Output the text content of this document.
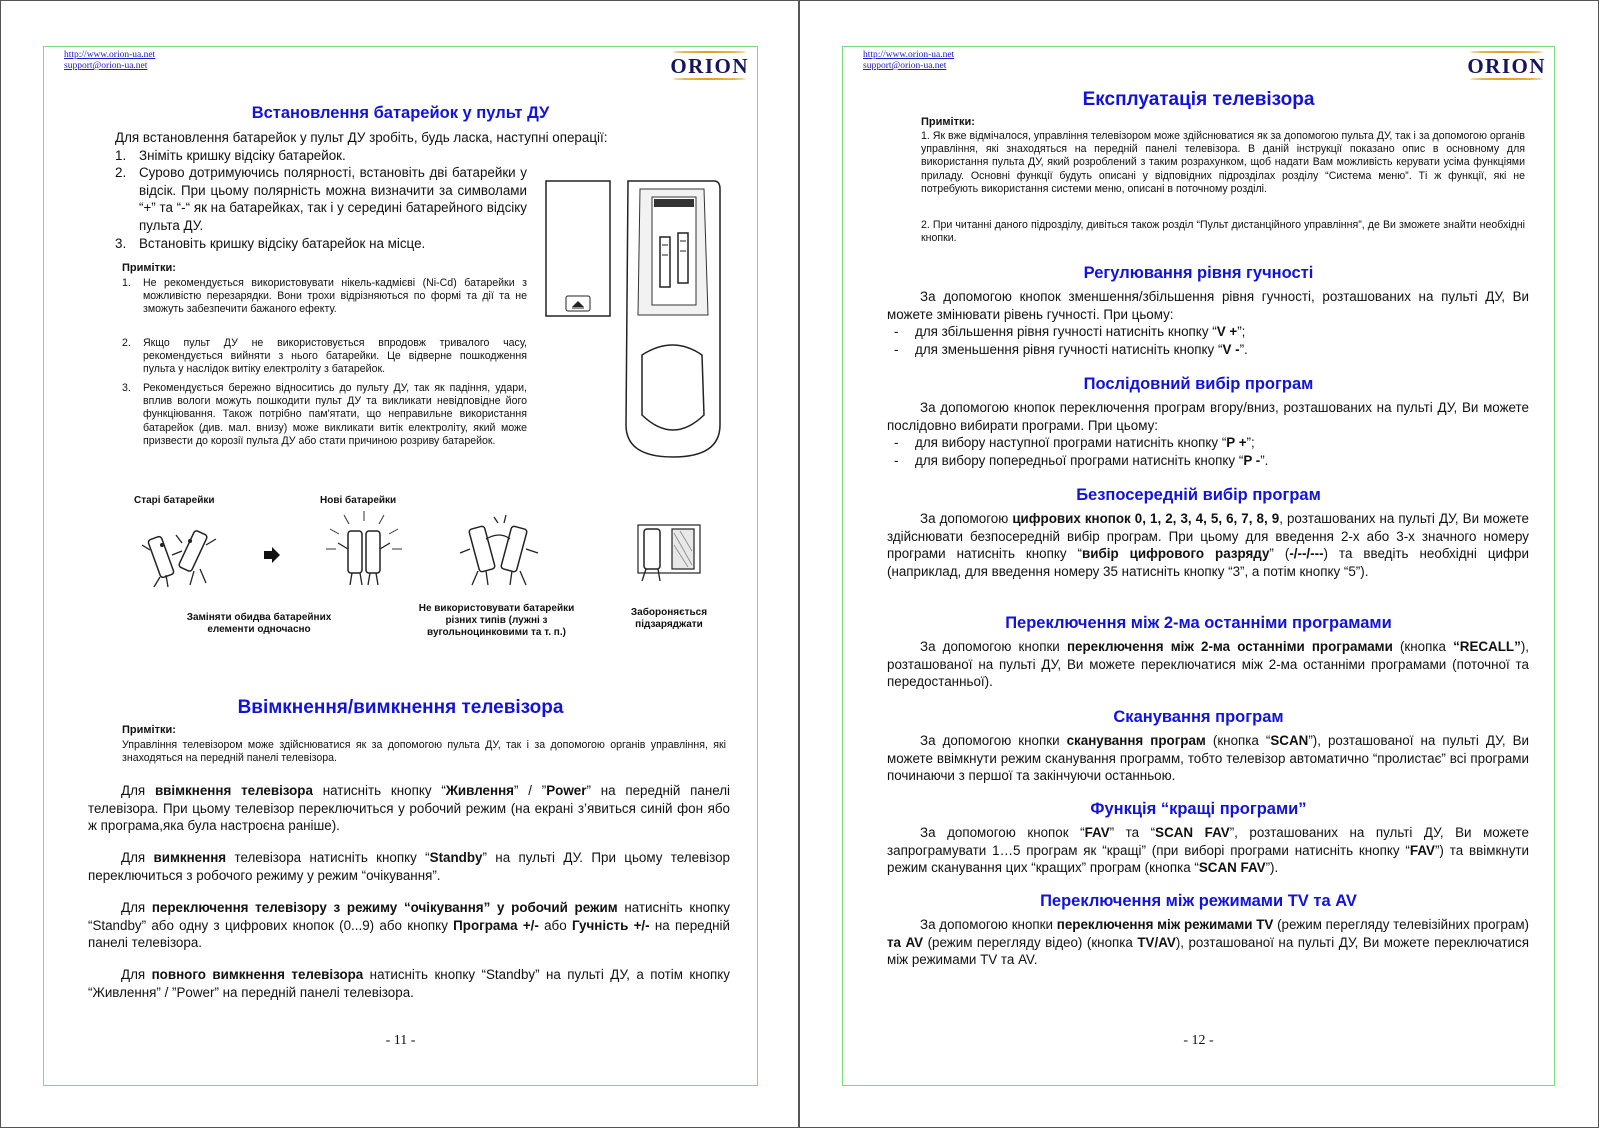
http://www.orion-ua.net
support@orion-ua.net	ORION
Встановлення батарейок у пульт ДУ
Для встановлення батарейок у пульт ДУ зробіть, будь ласка, наступні операції:
1. Зніміть кришку відсіку батарейок.
2. Сурово дотримуючись полярності, встановіть дві батарейки у відсік. При цьому полярність можна визначити за символами “+” та “-“ як на батарейках, так і у середині батарейного відсіку пульта ДУ.
3. Встановіть кришку відсіку батарейок на місце.
Примітки:
1. Не рекомендується використовувати нікель-кадмієві (Ni-Cd) батарейки з можливістю перезарядки. Вони трохи відрізняються по формі та дії та не зможуть забезпечити бажаного ефекту.
2. Якщо пульт ДУ не використовується впродовж тривалого часу, рекомендується вийняти з нього батарейки. Це відверне пошкодження пульта у наслідок витіку електроліту з батарейок.
3. Рекомендується бережно відноситись до пульту ДУ, так як падіння, удари, вплив вологи можуть пошкодити пульт ДУ та викликати невідповідне його функціювання. Також потрібно пам'ятати, що неправильне використання батарейок (див. мал. внизу) може викликати витік електроліту, який може призвести до корозії пульта ДУ або стати причиною розриву батарейок.
Старі батарейки	Нові батарейки
Заміняти обидва батарейних елементи одночасно
Не використовувати батарейки різних типів (лужні з вугольноцинковими та т. п.)
Забороняється підзаряджати
Ввімкнення/вимкнення телевізора
Примітки:
Управління телевізором може здійснюватися як за допомогою пульта ДУ, так і за допомогою органів управління, які знаходяться на передній панелі телевізора.
Для ввімкнення телевізора натисніть кнопку “Живлення” / ”Power” на передній панелі телевізора. При цьому телевізор переключиться у робочий режим (на екрані з’явиться синій фон ябо ж програма,яка була настроєна раніше).
Для вимкнення телевізора натисніть кнопку “Standby” на пульті ДУ. При цьому телевізор переключиться з робочого режиму у режим “очікування”.
Для переключення телевізору з режиму “очікування” у робочий режим натисніть кнопку “Standby” або одну з цифрових кнопок (0...9) або кнопку Програма +/- або Гучність +/- на передній панелі телевізора.
Для повного вимкнення телевізора натисніть кнопку “Standby” на пульті ДУ, а потім кнопку “Живлення” / ”Power” на передній панелі телевізора.
- 11 -
http://www.orion-ua.net
support@orion-ua.net	ORION
Експлуатація телевізора
Примітки:
1. Як вже відмічалося, управління телевізором може здійснюватися як за допомогою пульта ДУ, так і за допомогою органів управління, які знаходяться на передній панелі телевізора. В даній інструкції показано опис в основному для використання пульта ДУ, який розроблений з таким розрахунком, щоб надати Вам можливість керувати усіма функціями приладу. Основні функції будуть описані у відповідних підрозділах розділу “Система меню”. Ті ж функції, які не потребують використання системи меню, описані в поточному розділі.
2. При читанні даного підрозділу, дивіться також розділ “Пульт дистанційного управління”, де Ви зможете знайти необхідні кнопки.
Регулювання рівня гучності
За допомогою кнопок зменшення/збільшення рівня гучності, розташованих на пульті ДУ, Ви можете змінювати рівень гучності. При цьому:
- для збільшення рівня гучності натисніть кнопку “V +”;
- для зменьшення рівня гучності натисніть кнопку “V -”.
Послідовний вибір програм
За допомогою кнопок переключення програм вгору/вниз, розташованих на пульті ДУ, Ви можете послідовно вибирати програми. При цьому:
- для вибору наступної програми натисніть кнопку “P +”;
- для вибору попередньої програми натисніть кнопку “P -”.
Безпосередній вибір програм
За допомогою цифрових кнопок 0, 1, 2, 3, 4, 5, 6, 7, 8, 9, розташованих на пульті ДУ, Ви можете здійснювати безпосередній вибір програм. При цьому для введення 2-х або 3-х значного номеру програми натисніть кнопку “вибір цифрового разряду” (-/--/---) та введіть необхідні цифри (наприклад, для введення номеру 35 натисніть кнопку “3”, а потім кнопку “5”).
Переключення між 2-ма останніми програмами
За допомогою кнопки переключення між 2-ма останніми програмами (кнопка “RECALL”), розташованої на пульті ДУ, Ви можете переключатися між 2-ма останніми програмами (поточної та передостанньої).
Сканування програм
За допомогою кнопки сканування програм (кнопка “SCAN”), розташованої на пульті ДУ, Ви можете ввімкнути режим сканування программ, тобто телевізор автоматично “пролистає” всі програми починаючи з першої та закінчуючи останньою.
Функція “кращі програми”
За допомогою кнопок “FAV” та “SCAN FAV”, розташованих на пульті ДУ, Ви можете запрограмувати 1…5 програм як “кращі” (при виборі програми натисніть кнопку “FAV”) та ввімкнути режим сканування цих “кращих” програм (кнопка “SCAN FAV”).
Переключення між режимами TV та AV
За допомогою кнопки переключення між режимами TV (режим перегляду телевізійних програм) та AV (режим перегляду відео) (кнопка TV/AV), розташованої на пульті ДУ, Ви можете переключатися між режимами TV та AV.
- 12 -
